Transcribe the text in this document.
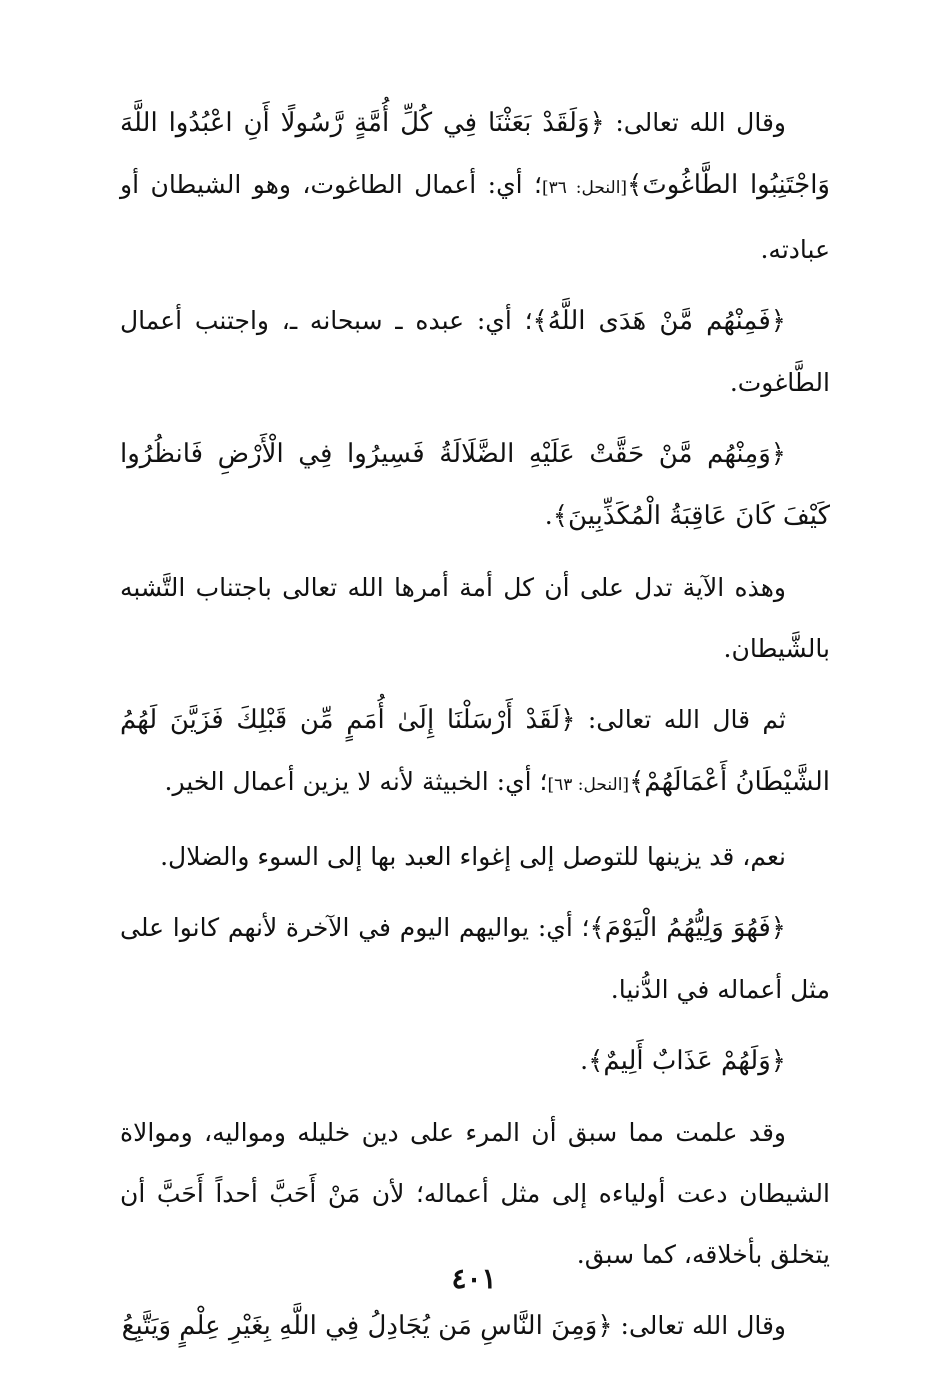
وقال الله تعالى: ﴿وَلَقَدْ بَعَثْنَا فِي كُلِّ أُمَّةٍ رَّسُولًا أَنِ اعْبُدُوا اللَّهَ وَاجْتَنِبُوا الطَّاغُوتَ﴾[النحل: ٣٦]؛ أي: أعمال الطاغوت، وهو الشيطان أو عبادته.

﴿فَمِنْهُم مَّنْ هَدَى اللَّهُ﴾؛ أي: عبده ـ سبحانه ـ، واجتنب أعمال الطَّاغوت.

﴿وَمِنْهُم مَّنْ حَقَّتْ عَلَيْهِ الضَّلَالَةُ فَسِيرُوا فِي الْأَرْضِ فَانظُرُوا كَيْفَ كَانَ عَاقِبَةُ الْمُكَذِّبِينَ﴾.

وهذه الآية تدل على أن كل أمة أمرها الله تعالى باجتناب التَّشبه بالشَّيطان.

ثم قال الله تعالى: ﴿لَقَدْ أَرْسَلْنَا إِلَىٰ أُمَمٍ مِّن قَبْلِكَ فَزَيَّنَ لَهُمُ الشَّيْطَانُ أَعْمَالَهُمْ﴾[النحل: ٦٣]؛ أي: الخبيثة لأنه لا يزين أعمال الخير.

نعم، قد يزينها للتوصل إلى إغواء العبد بها إلى السوء والضلال.

﴿فَهُوَ وَلِيُّهُمُ الْيَوْمَ﴾؛ أي: يواليهم اليوم في الآخرة لأنهم كانوا على مثل أعماله في الدُّنيا.

﴿وَلَهُمْ عَذَابٌ أَلِيمٌ﴾.

وقد علمت مما سبق أن المرء على دين خليله ومواليه، وموالاة الشيطان دعت أولياءه إلى مثل أعماله؛ لأن مَنْ أَحَبَّ أحداً أَحَبَّ أن يتخلق بأخلاقه، كما سبق.

وقال الله تعالى: ﴿وَمِنَ النَّاسِ مَن يُجَادِلُ فِي اللَّهِ بِغَيْرِ عِلْمٍ وَيَتَّبِعُ

٤٠١
